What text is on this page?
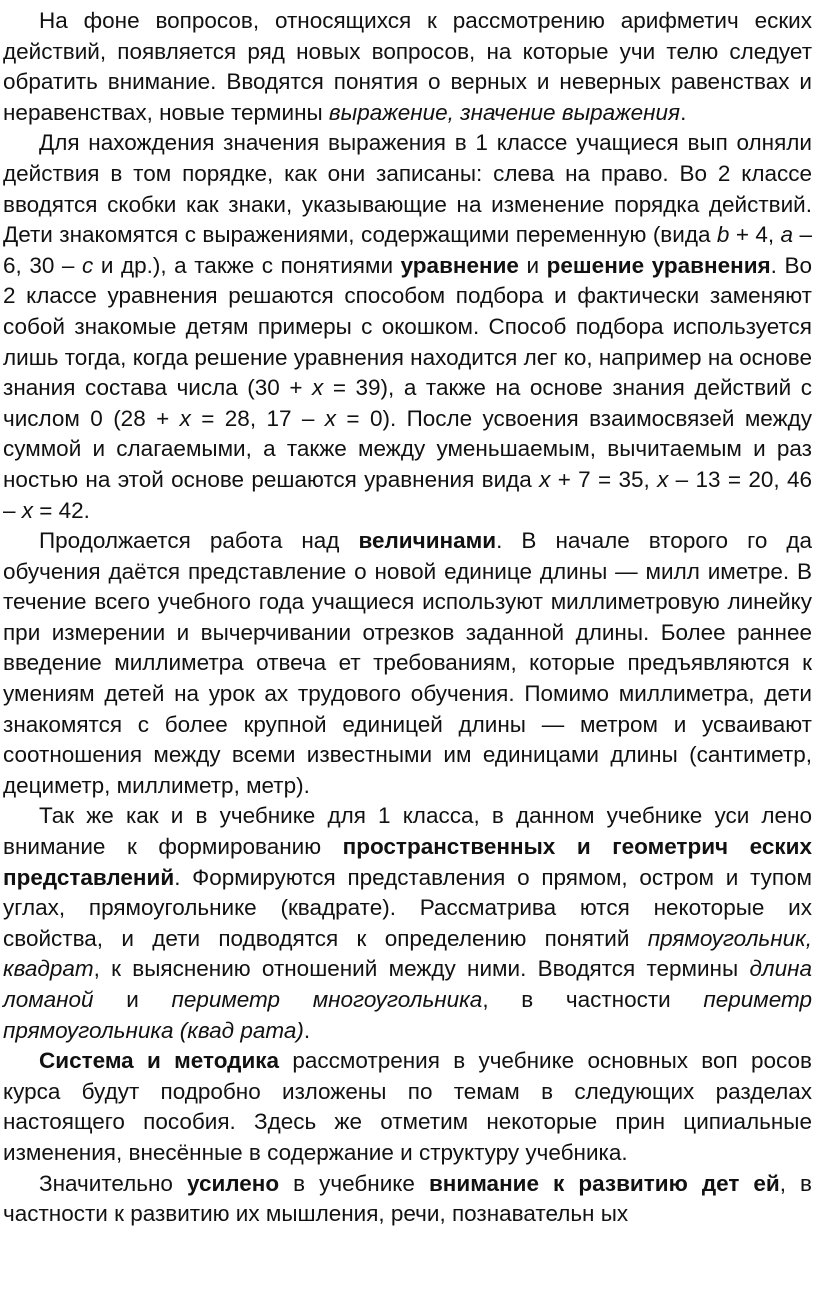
На фоне вопросов, относящихся к рассмотрению арифметич еских действий, появляется ряд новых вопросов, на которые учи телю следует обратить внимание. Вводятся понятия о верных и неверных равенствах и неравенствах, новые термины выражение, значение выражения.

Для нахождения значения выражения в 1 классе учащиеся вып олняли действия в том порядке, как они записаны: слева на право. Во 2 классе вводятся скобки как знаки, указывающие на изменение порядка действий. Дети знакомятся с выражениями, содержащими переменную (вида b + 4, a – 6, 30 – c и др.), а также с понятиями уравнение и решение уравнения. Во 2 классе уравнения решаются способом подбора и фактически заменяют собой знакомые детям примеры с окошком. Способ подбора используется лишь тогда, когда решение уравнения находится лег ко, например на основе знания состава числа (30 + x = 39), а также на основе знания действий с числом 0 (28 + x = 28, 17 – x = 0). После усвоения взаимосвязей между суммой и слагаемыми, а также между уменьшаемым, вычитаемым и раз ностью на этой основе решаются уравнения вида x + 7 = 35, x – 13 = 20, 46 – x = 42.

Продолжается работа над величинами. В начале второго го да обучения даётся представление о новой единице длины — милл иметре. В течение всего учебного года учащиеся используют миллиметровую линейку при измерении и вычерчивании отрезков заданной длины. Более раннее введение миллиметра отвеча ет требованиям, которые предъявляются к умениям детей на урок ах трудового обучения. Помимо миллиметра, дети знакомятся с более крупной единицей длины — метром и усваивают соотношения между всеми известными им единицами длины (сантиметр, дециметр, миллиметр, метр).

Так же как и в учебнике для 1 класса, в данном учебнике уси лено внимание к формированию пространственных и геометрич еских представлений. Формируются представления о прямом, остром и тупом углах, прямоугольнике (квадрате). Рассматрива ются некоторые их свойства, и дети подводятся к определению понятий прямоугольник, квадрат, к выяснению отношений между ними. Вводятся термины длина ломаной и периметр многоугольника, в частности периметр прямоугольника (квад рата).

Система и методика рассмотрения в учебнике основных воп росов курса будут подробно изложены по темам в следующих разделах настоящего пособия. Здесь же отметим некоторые прин ципиальные изменения, внесённые в содержание и структуру учебника.

Значительно усилено в учебнике внимание к развитию дет ей, в частности к развитию их мышления, речи, познавательн ых
